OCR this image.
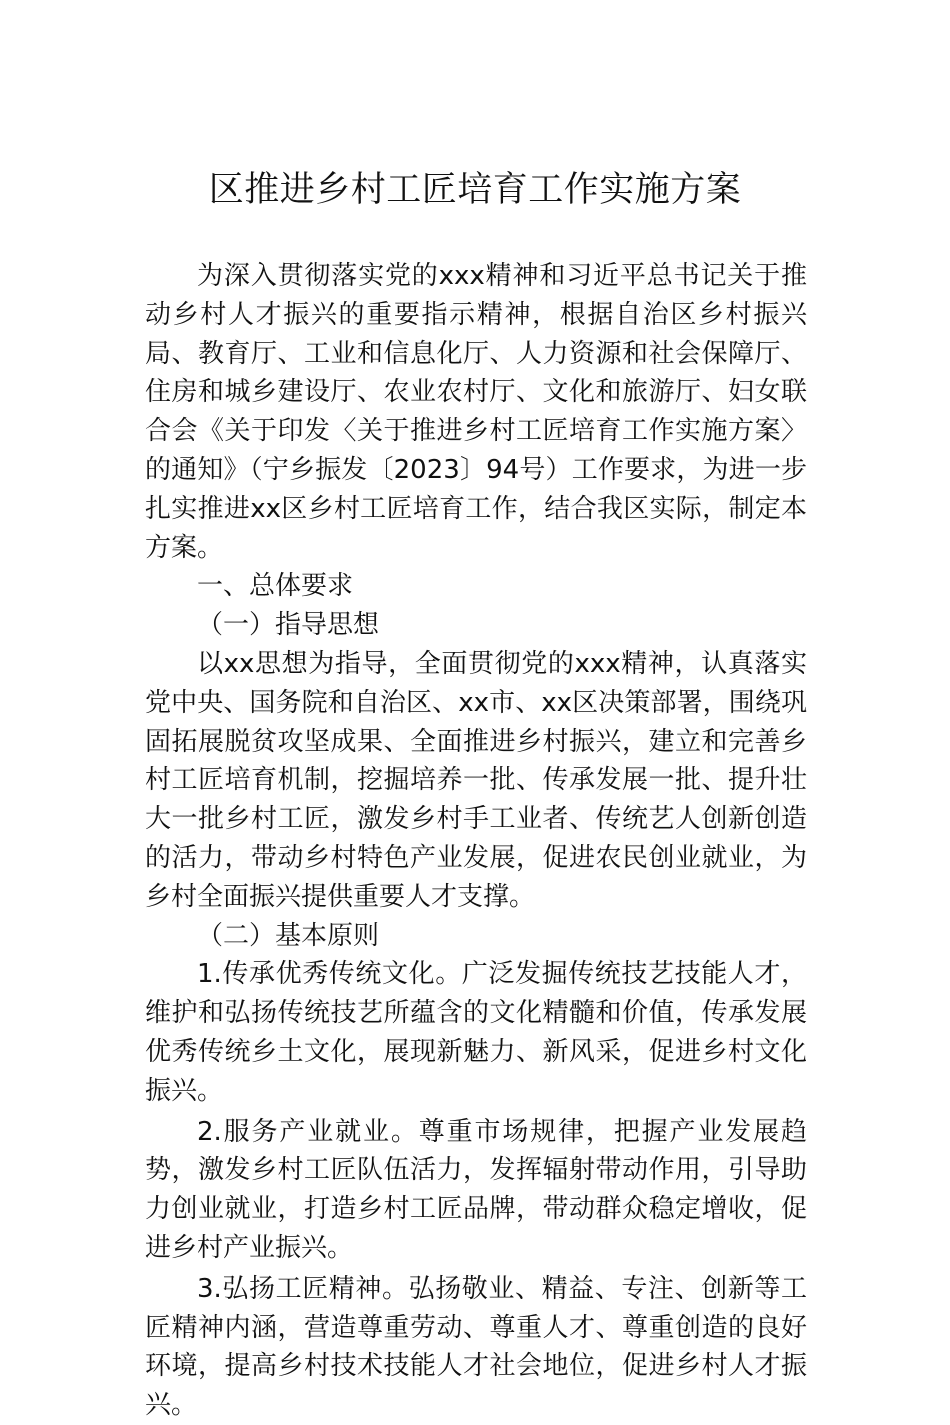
区推进乡村工匠培育工作实施方案

为深入贯彻落实党的xxx精神和习近平总书记关于推动乡村人才振兴的重要指示精神，根据自治区乡村振兴局、教育厅、工业和信息化厅、人力资源和社会保障厅、住房和城乡建设厅、农业农村厅、文化和旅游厅、妇女联合会《关于印发〈关于推进乡村工匠培育工作实施方案〉的通知》（宁乡振发〔2023〕94号）工作要求，为进一步扎实推进xx区乡村工匠培育工作，结合我区实际，制定本方案。

一、总体要求

（一）指导思想

以xx思想为指导，全面贯彻党的xxx精神，认真落实党中央、国务院和自治区、xx市、xx区决策部署，围绕巩固拓展脱贫攻坚成果、全面推进乡村振兴，建立和完善乡村工匠培育机制，挖掘培养一批、传承发展一批、提升壮大一批乡村工匠，激发乡村手工业者、传统艺人创新创造的活力，带动乡村特色产业发展，促进农民创业就业，为乡村全面振兴提供重要人才支撑。

（二）基本原则

1.传承优秀传统文化。广泛发掘传统技艺技能人才，维护和弘扬传统技艺所蕴含的文化精髓和价值，传承发展优秀传统乡土文化，展现新魅力、新风采，促进乡村文化振兴。

2.服务产业就业。尊重市场规律，把握产业发展趋势，激发乡村工匠队伍活力，发挥辐射带动作用，引导助力创业就业，打造乡村工匠品牌，带动群众稳定增收，促进乡村产业振兴。

3.弘扬工匠精神。弘扬敬业、精益、专注、创新等工匠精神内涵，营造尊重劳动、尊重人才、尊重创造的良好环境，提高乡村技术技能人才社会地位，促进乡村人才振兴。
